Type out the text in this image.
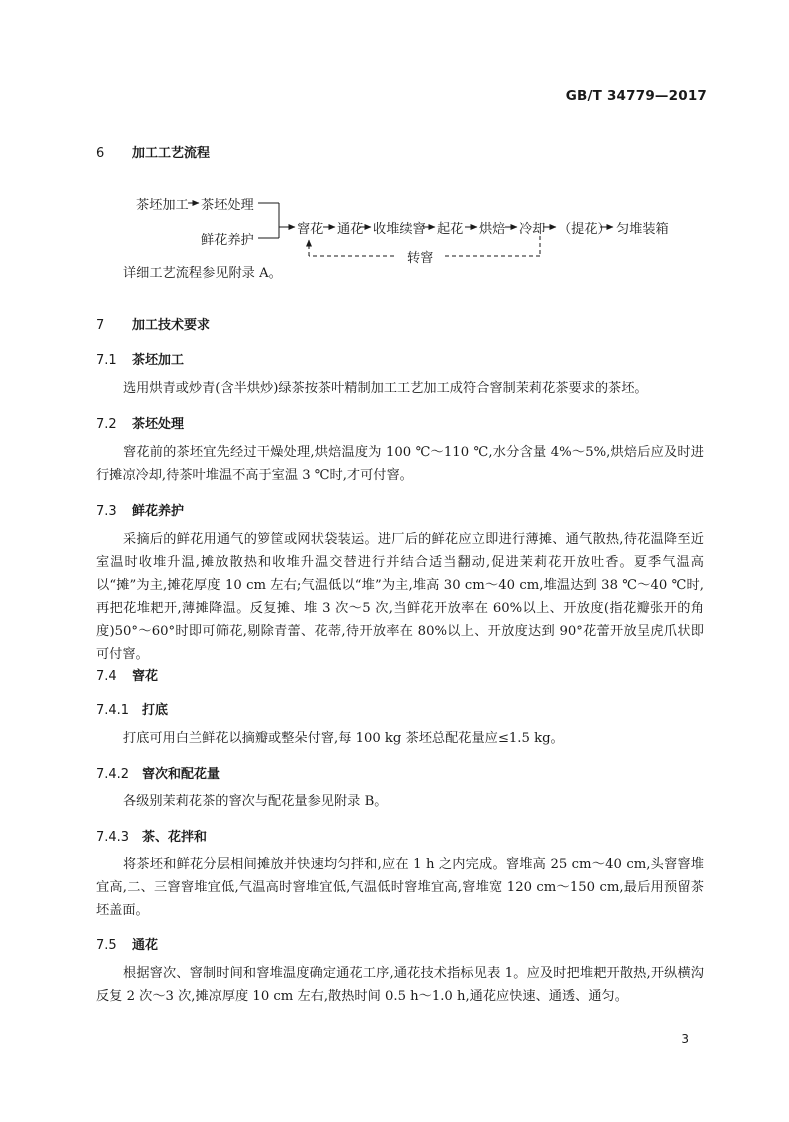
GB/T 34779—2017
6 加工工艺流程
茶坯加工 茶坯处理
鲜花养护
窨花 通花 收堆续窨 起花 烘焙 冷却 （提花） 匀堆装箱
转窨
详细工艺流程参见附录 A。
7 加工技术要求
7.1 茶坯加工
选用烘青或炒青(含半烘炒)绿茶按茶叶精制加工工艺加工成符合窨制茉莉花茶要求的茶坯。
7.2 茶坯处理
窨花前的茶坯宜先经过干燥处理,烘焙温度为 100 ℃～110 ℃,水分含量 4%～5%,烘焙后应及时进行摊凉冷却,待茶叶堆温不高于室温 3 ℃时,才可付窨。
7.3 鲜花养护
采摘后的鲜花用通气的箩筐或网状袋装运。进厂后的鲜花应立即进行薄摊、通气散热,待花温降至近室温时收堆升温,摊放散热和收堆升温交替进行并结合适当翻动,促进茉莉花开放吐香。夏季气温高以“摊”为主,摊花厚度 10 cm 左右;气温低以“堆”为主,堆高 30 cm～40 cm,堆温达到 38 ℃～40 ℃时,再把花堆耙开,薄摊降温。反复摊、堆 3 次～5 次,当鲜花开放率在 60%以上、开放度(指花瓣张开的角度)50°～60°时即可筛花,剔除青蕾、花蒂,待开放率在 80%以上、开放度达到 90°花蕾开放呈虎爪状即可付窨。
7.4 窨花
7.4.1 打底
打底可用白兰鲜花以摘瓣或整朵付窨,每 100 kg 茶坯总配花量应≤1.5 kg。
7.4.2 窨次和配花量
各级别茉莉花茶的窨次与配花量参见附录 B。
7.4.3 茶、花拌和
将茶坯和鲜花分层相间摊放并快速均匀拌和,应在 1 h 之内完成。窨堆高 25 cm～40 cm,头窨窨堆宜高,二、三窨窨堆宜低,气温高时窨堆宜低,气温低时窨堆宜高,窨堆宽 120 cm～150 cm,最后用预留茶坯盖面。
7.5 通花
根据窨次、窨制时间和窨堆温度确定通花工序,通花技术指标见表 1。应及时把堆耙开散热,开纵横沟反复 2 次～3 次,摊凉厚度 10 cm 左右,散热时间 0.5 h～1.0 h,通花应快速、通透、通匀。
3
